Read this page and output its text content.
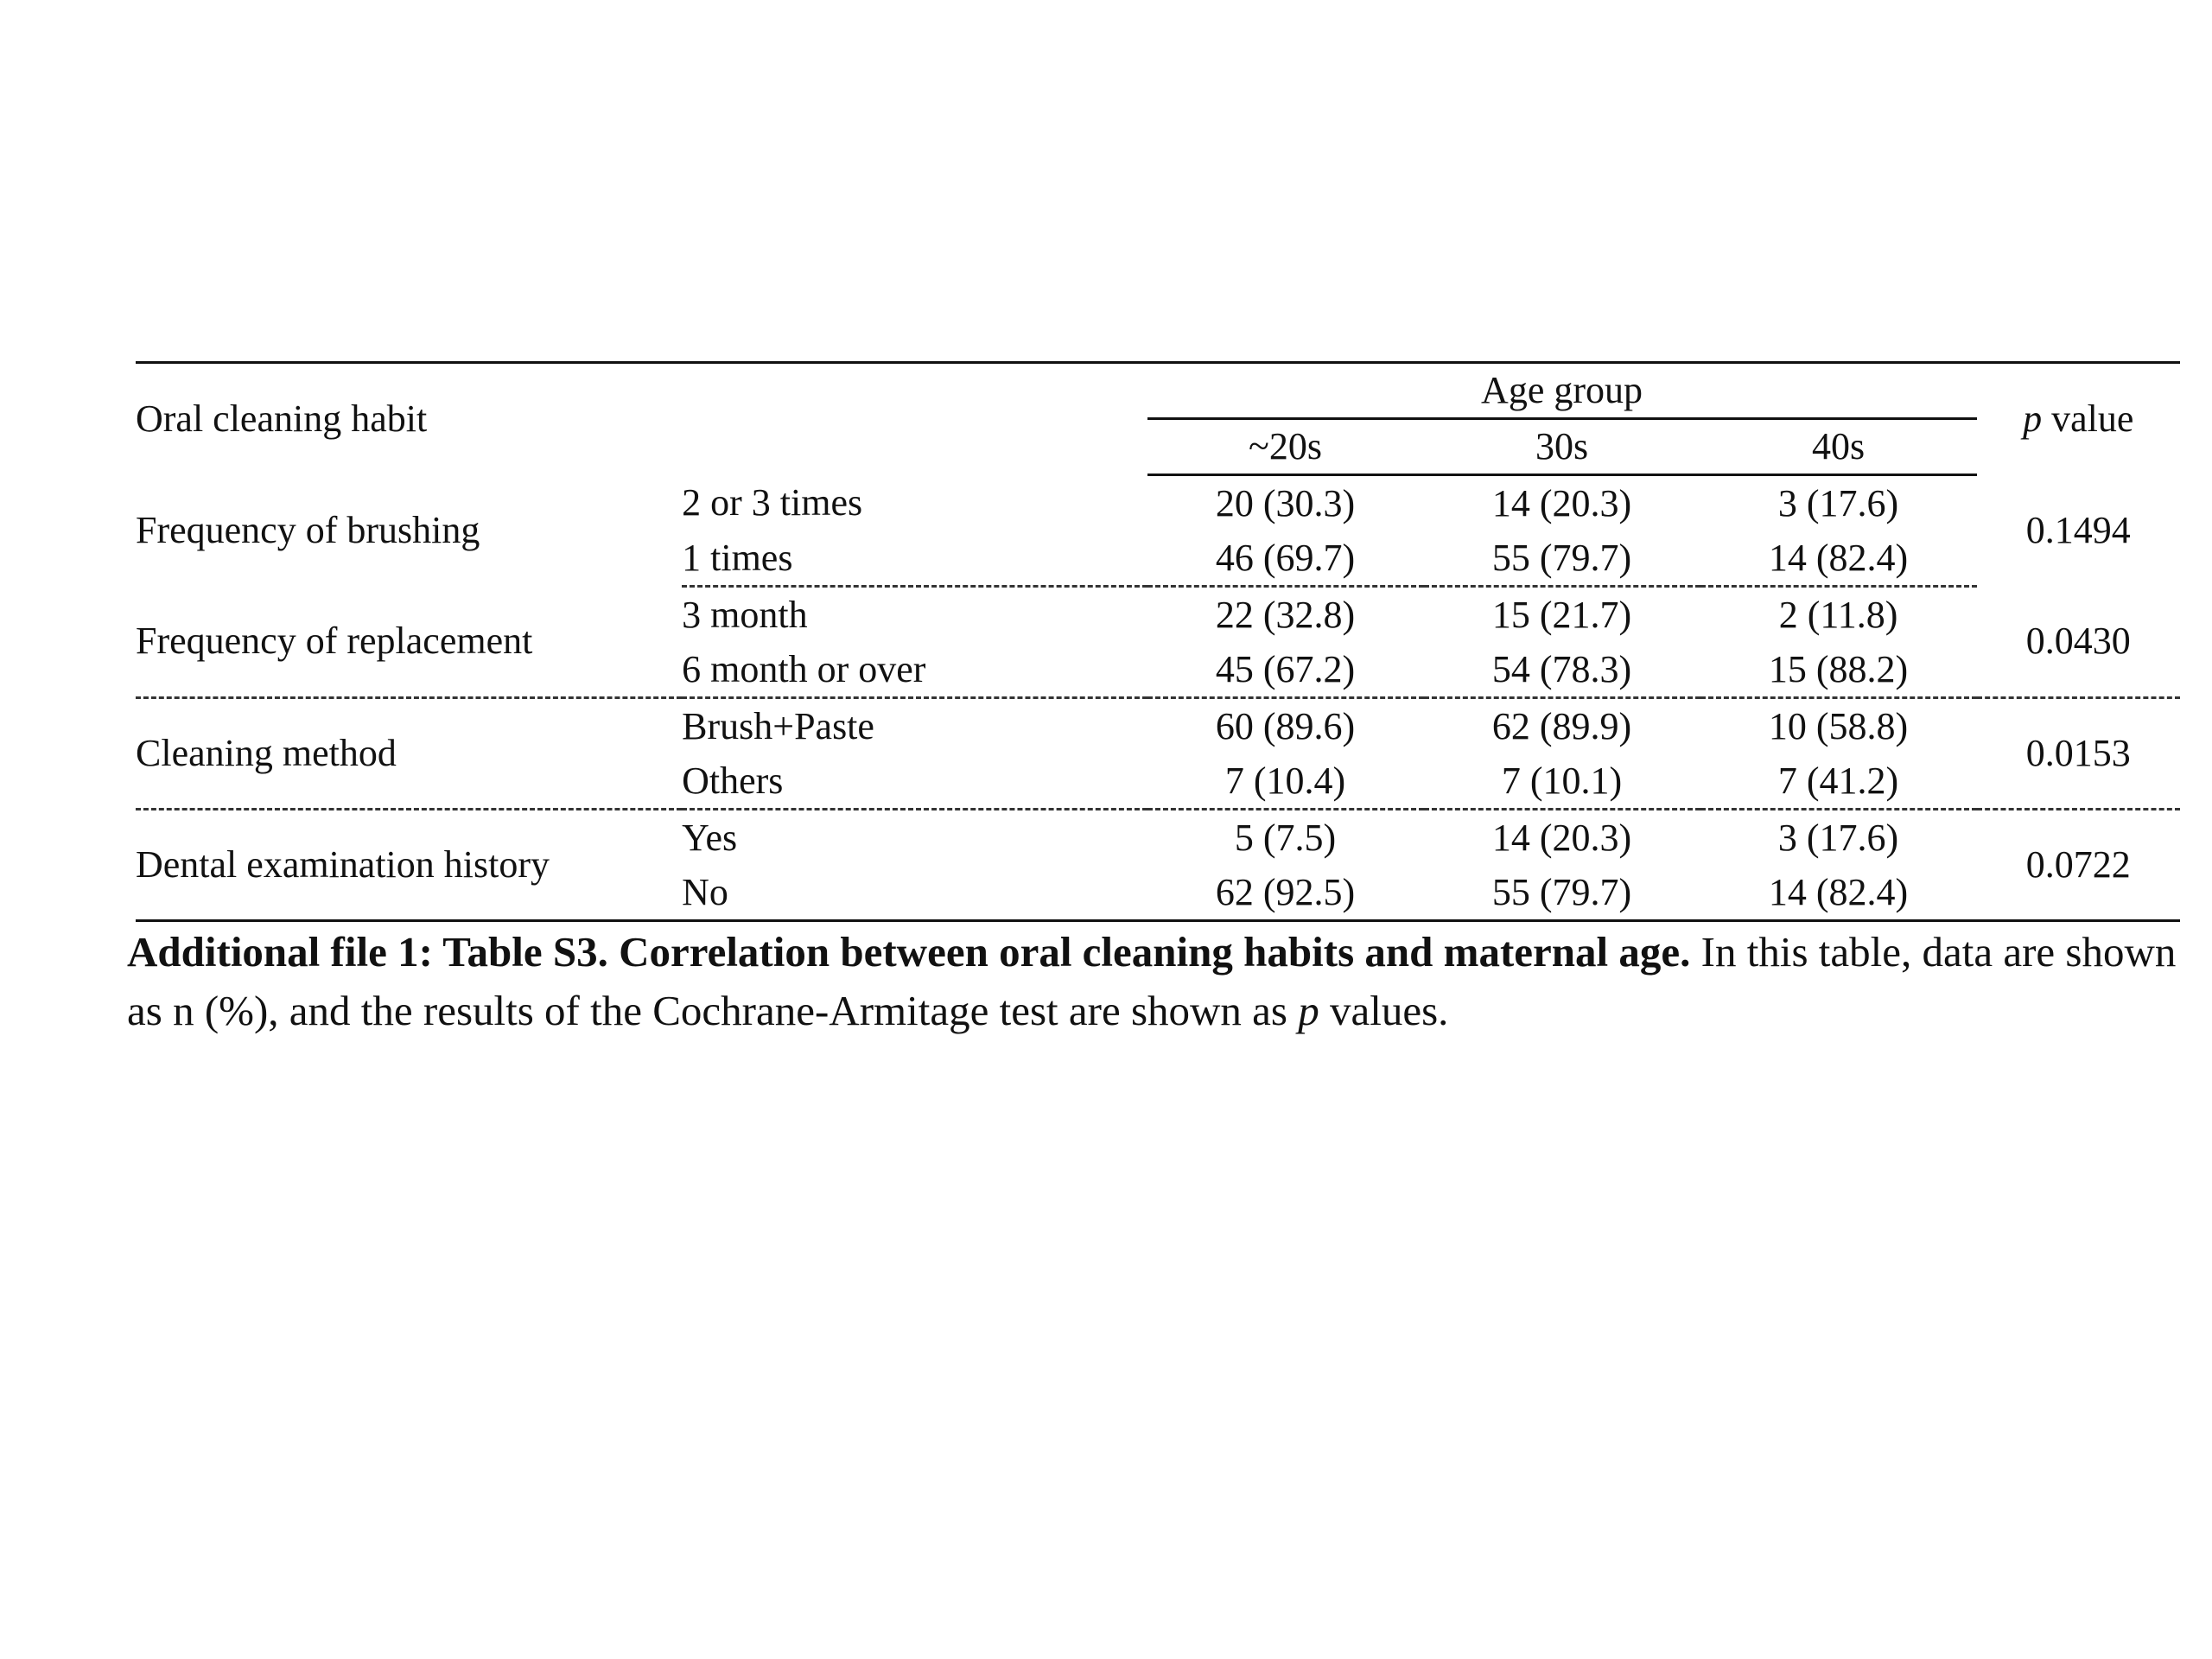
Oral cleaning habit		Age group			p value
		~20s	30s	40s	
Frequency of brushing	2 or 3 times	20 (30.3)	14 (20.3)	3 (17.6)	0.1494
	1 times	46 (69.7)	55 (79.7)	14 (82.4)	
Frequency of replacement	3 month	22 (32.8)	15 (21.7)	2 (11.8)	0.0430
	6 month or over	45 (67.2)	54 (78.3)	15 (88.2)	
Cleaning method	Brush+Paste	60 (89.6)	62 (89.9)	10 (58.8)	0.0153
	Others	7 (10.4)	7 (10.1)	7 (41.2)	
Dental examination history	Yes	5 (7.5)	14 (20.3)	3 (17.6)	0.0722
	No	62 (92.5)	55 (79.7)	14 (82.4)	
Additional file 1: Table S3. Correlation between oral cleaning habits and maternal age. In this table, data are shown as n (%), and the results of the Cochrane-Armitage test are shown as p values.
